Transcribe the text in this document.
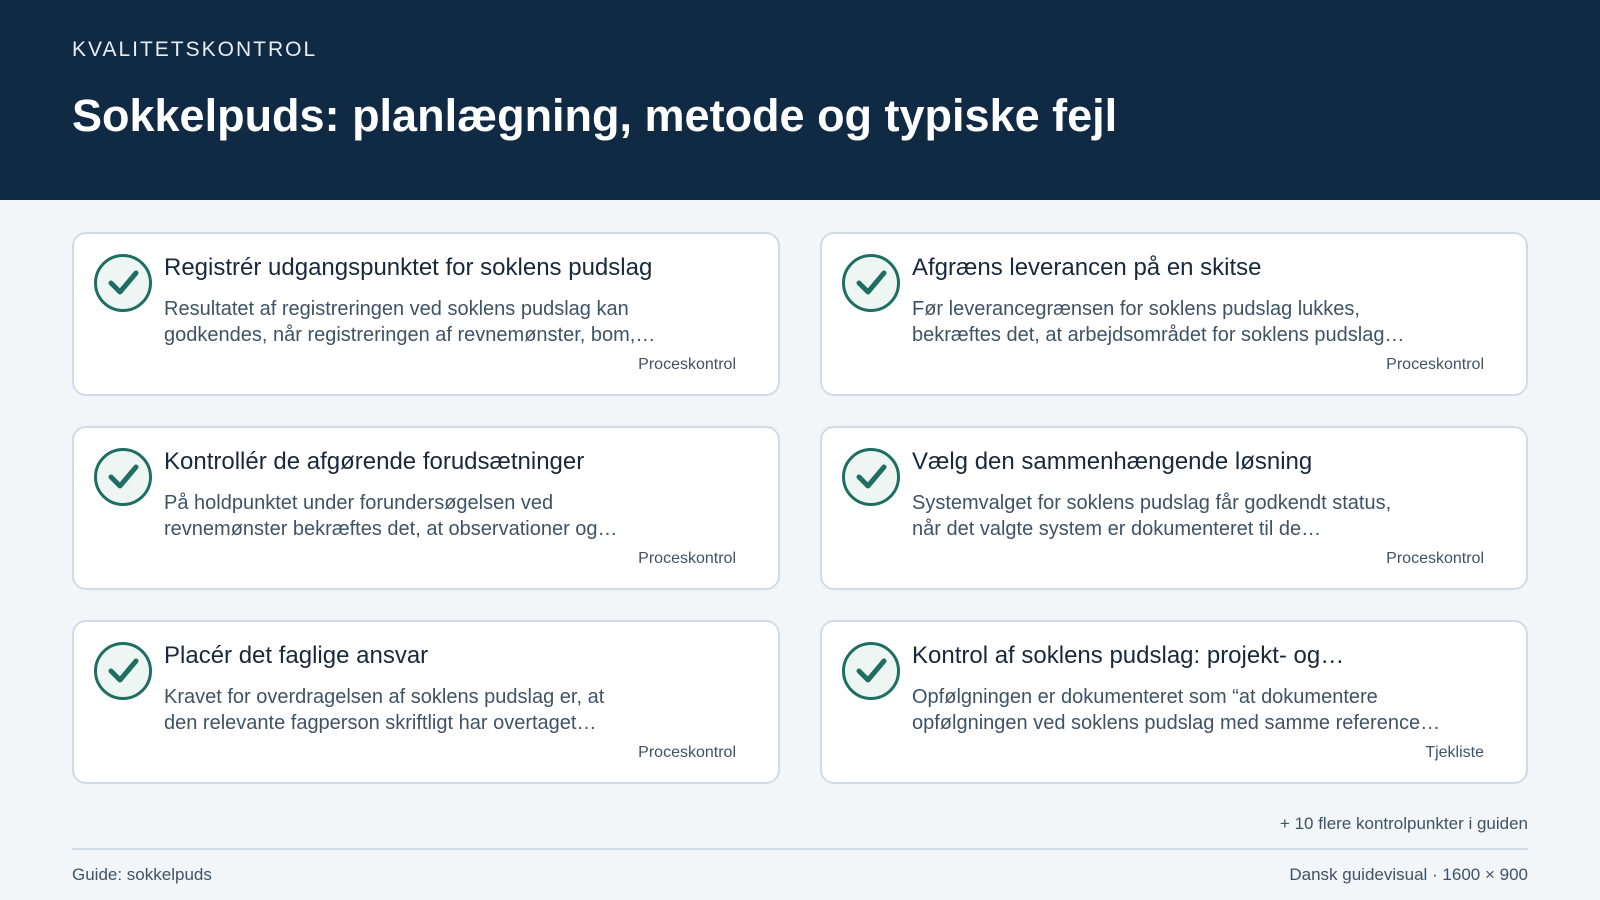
KVALITETSKONTROL
Sokkelpuds: planlægning, metode og typiske fejl
Registrér udgangspunktet for soklens pudslag
Resultatet af registreringen ved soklens pudslag kan
godkendes, når registreringen af revnemønster, bom,…
Proceskontrol
Afgræns leverancen på en skitse
Før leverancegrænsen for soklens pudslag lukkes,
bekræftes det, at arbejdsområdet for soklens pudslag…
Proceskontrol
Kontrollér de afgørende forudsætninger
På holdpunktet under forundersøgelsen ved
revnemønster bekræftes det, at observationer og…
Proceskontrol
Vælg den sammenhængende løsning
Systemvalget for soklens pudslag får godkendt status,
når det valgte system er dokumenteret til de…
Proceskontrol
Placér det faglige ansvar
Kravet for overdragelsen af soklens pudslag er, at
den relevante fagperson skriftligt har overtaget…
Proceskontrol
Kontrol af soklens pudslag: projekt- og…
Opfølgningen er dokumenteret som “at dokumentere
opfølgningen ved soklens pudslag med samme reference…
Tjekliste
+ 10 flere kontrolpunkter i guiden
Guide: sokkelpuds	Dansk guidevisual · 1600 × 900
